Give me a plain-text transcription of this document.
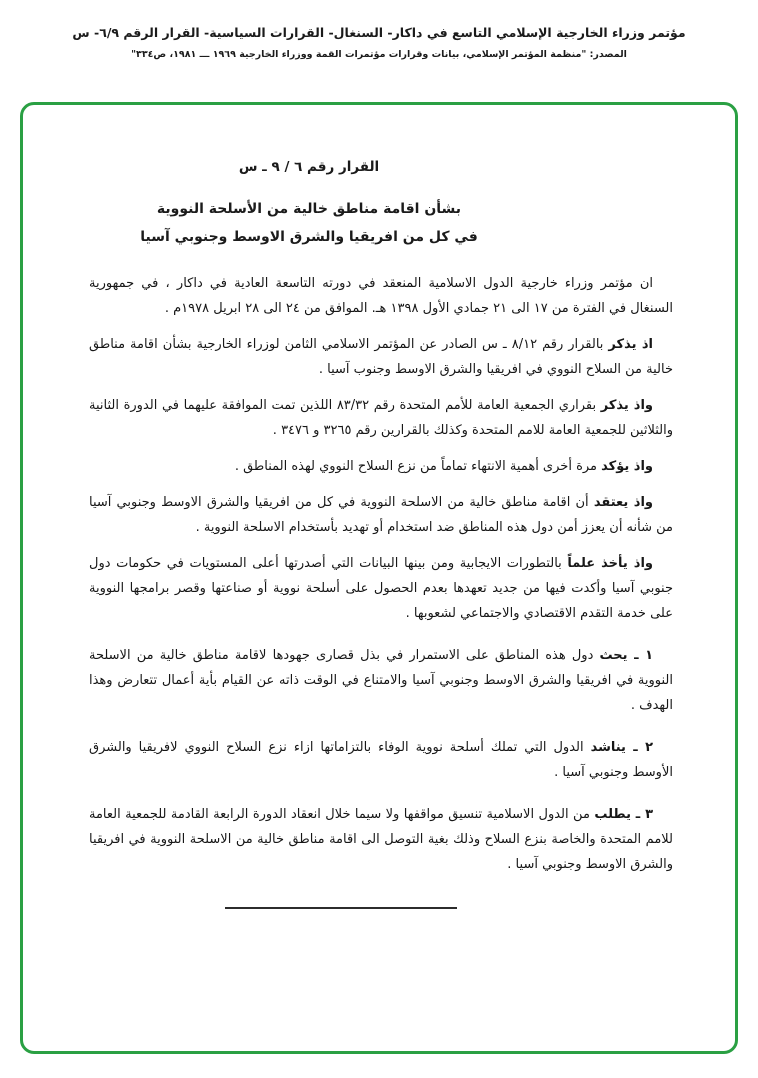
مؤتمر وزراء الخارجية الإسلامي التاسع في داكار- السنغال- القرارات السياسية- القرار الرقم ٦/٩- س
المصدر: "منظمة المؤتمر الإسلامي، بيانات وقرارات مؤتمرات القمة ووزراء الخارجية ١٩٦٩ ـــ ١٩٨١، ص٣٣٤"
القرار رقم ٦ / ٩ ـ س
بشأن اقامة مناطق خالية من الأسلحة النووية
في كل من افريقيا والشرق الاوسط وجنوبي آسيا

ان مؤتمر وزراء خارجية الدول الاسلامية المنعقد في دورته التاسعة العادية في داكار ، في جمهورية السنغال في الفترة من ١٧ الى ٢١ جمادي الأول ١٣٩٨ هـ. الموافق من ٢٤ الى ٢٨ ابريل ١٩٧٨م .

اذ يذكر بالقرار رقم ٨/١٢ ـ س الصادر عن المؤتمر الاسلامي الثامن لوزراء الخارجية بشأن اقامة مناطق خالية من السلاح النووي في افريقيا والشرق الاوسط وجنوب آسيا .

واذ يذكر بقراري الجمعية العامة للأمم المتحدة رقم ٨٣/٣٢ اللذين تمت الموافقة عليهما في الدورة الثانية والثلاثين للجمعية العامة للامم المتحدة وكذلك بالقرارين رقم ٣٢٦٥ و ٣٤٧٦ .

واذ يؤكد مرة أخرى أهمية الانتهاء تماماً من نزع السلاح النووي لهذه المناطق .

واذ يعتقد أن اقامة مناطق خالية من الاسلحة النووية في كل من افريقيا والشرق الاوسط وجنوبي آسيا من شأنه أن يعزز أمن دول هذه المناطق ضد استخدام أو تهديد بأستخدام الاسلحة النووية .

واذ يأخذ علماً بالتطورات الايجابية ومن بينها البيانات التي أصدرتها أعلى المستويات في حكومات دول جنوبي آسيا وأكدت فيها من جديد تعهدها بعدم الحصول على أسلحة نووية أو صناعتها وقصر برامجها النووية على خدمة التقدم الاقتصادي والاجتماعي لشعوبها .

١ ـ يحث دول هذه المناطق على الاستمرار في بذل قصارى جهودها لاقامة مناطق خالية من الاسلحة النووية في افريقيا والشرق الاوسط وجنوبي آسيا والامتناع في الوقت ذاته عن القيام بأية أعمال تتعارض وهذا الهدف .

٢ ـ يناشد الدول التي تملك أسلحة نووية الوفاء بالتزاماتها ازاء نزع السلاح النووي لافريقيا والشرق الأوسط وجنوبي آسيا .

٣ ـ يطلب من الدول الاسلامية تنسيق مواقفها ولا سيما خلال انعقاد الدورة الرابعة القادمة للجمعية العامة للامم المتحدة والخاصة بنزع السلاح وذلك بغية التوصل الى اقامة مناطق خالية من الاسلحة النووية في افريقيا والشرق الاوسط وجنوبي آسيا .
